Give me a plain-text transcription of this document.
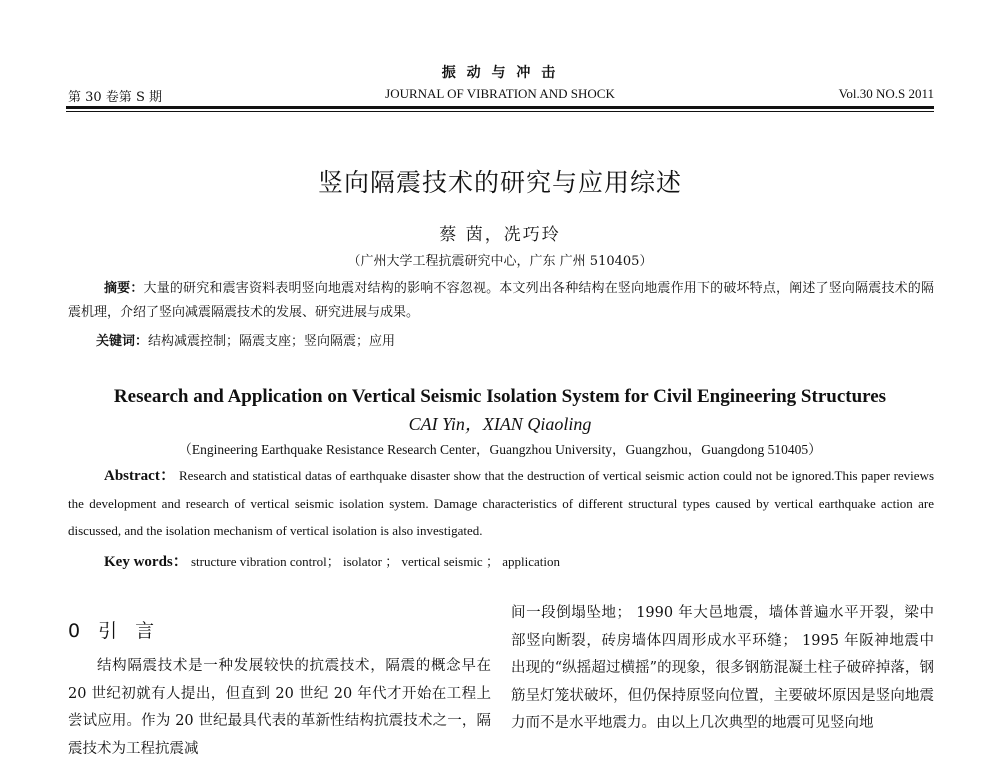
振 动 与 冲 击
第 30 卷第 S 期	JOURNAL OF VIBRATION AND SHOCK	Vol.30 NO.S 2011
竖向隔震技术的研究与应用综述
蔡 茵，冼巧玲
（广州大学工程抗震研究中心，广东 广州 510405）
摘要：大量的研究和震害资料表明竖向地震对结构的影响不容忽视。本文列出各种结构在竖向地震作用下的破坏特点，阐述了竖向隔震技术的隔震机理，介绍了竖向减震隔震技术的发展、研究进展与成果。
关键词：结构减震控制；隔震支座；竖向隔震；应用
Research and Application on Vertical Seismic Isolation System for Civil Engineering Structures
CAI Yin，XIAN Qiaoling
（Engineering Earthquake Resistance Research Center，Guangzhou University，Guangzhou，Guangdong 510405）
Abstract： Research and statistical datas of earthquake disaster show that the destruction of vertical seismic action could not be ignored.This paper reviews the development and research of vertical seismic isolation system. Damage characteristics of different structural types caused by vertical earthquake action are discussed, and the isolation mechanism of vertical isolation is also investigated.
Key words： structure vibration control； isolator ； vertical seismic ； application
0 引 言

结构隔震技术是一种发展较快的抗震技术，隔震的概念早在 20 世纪初就有人提出，但直到 20 世纪 20 年代才开始在工程上尝试应用。作为 20 世纪最具代表的革新性结构抗震技术之一，隔震技术为工程抗震减

间一段倒塌坠地； 1990 年大邑地震，墙体普遍水平开裂，梁中部竖向断裂，砖房墙体四周形成水平环缝； 1995 年阪神地震中出现的“纵摇超过横摇”的现象，很多钢筋混凝土柱子破碎掉落，钢筋呈灯笼状破坏，但仍保持原竖向位置，主要破坏原因是竖向地震力而不是水平地震力。由以上几次典型的地震可见竖向地
